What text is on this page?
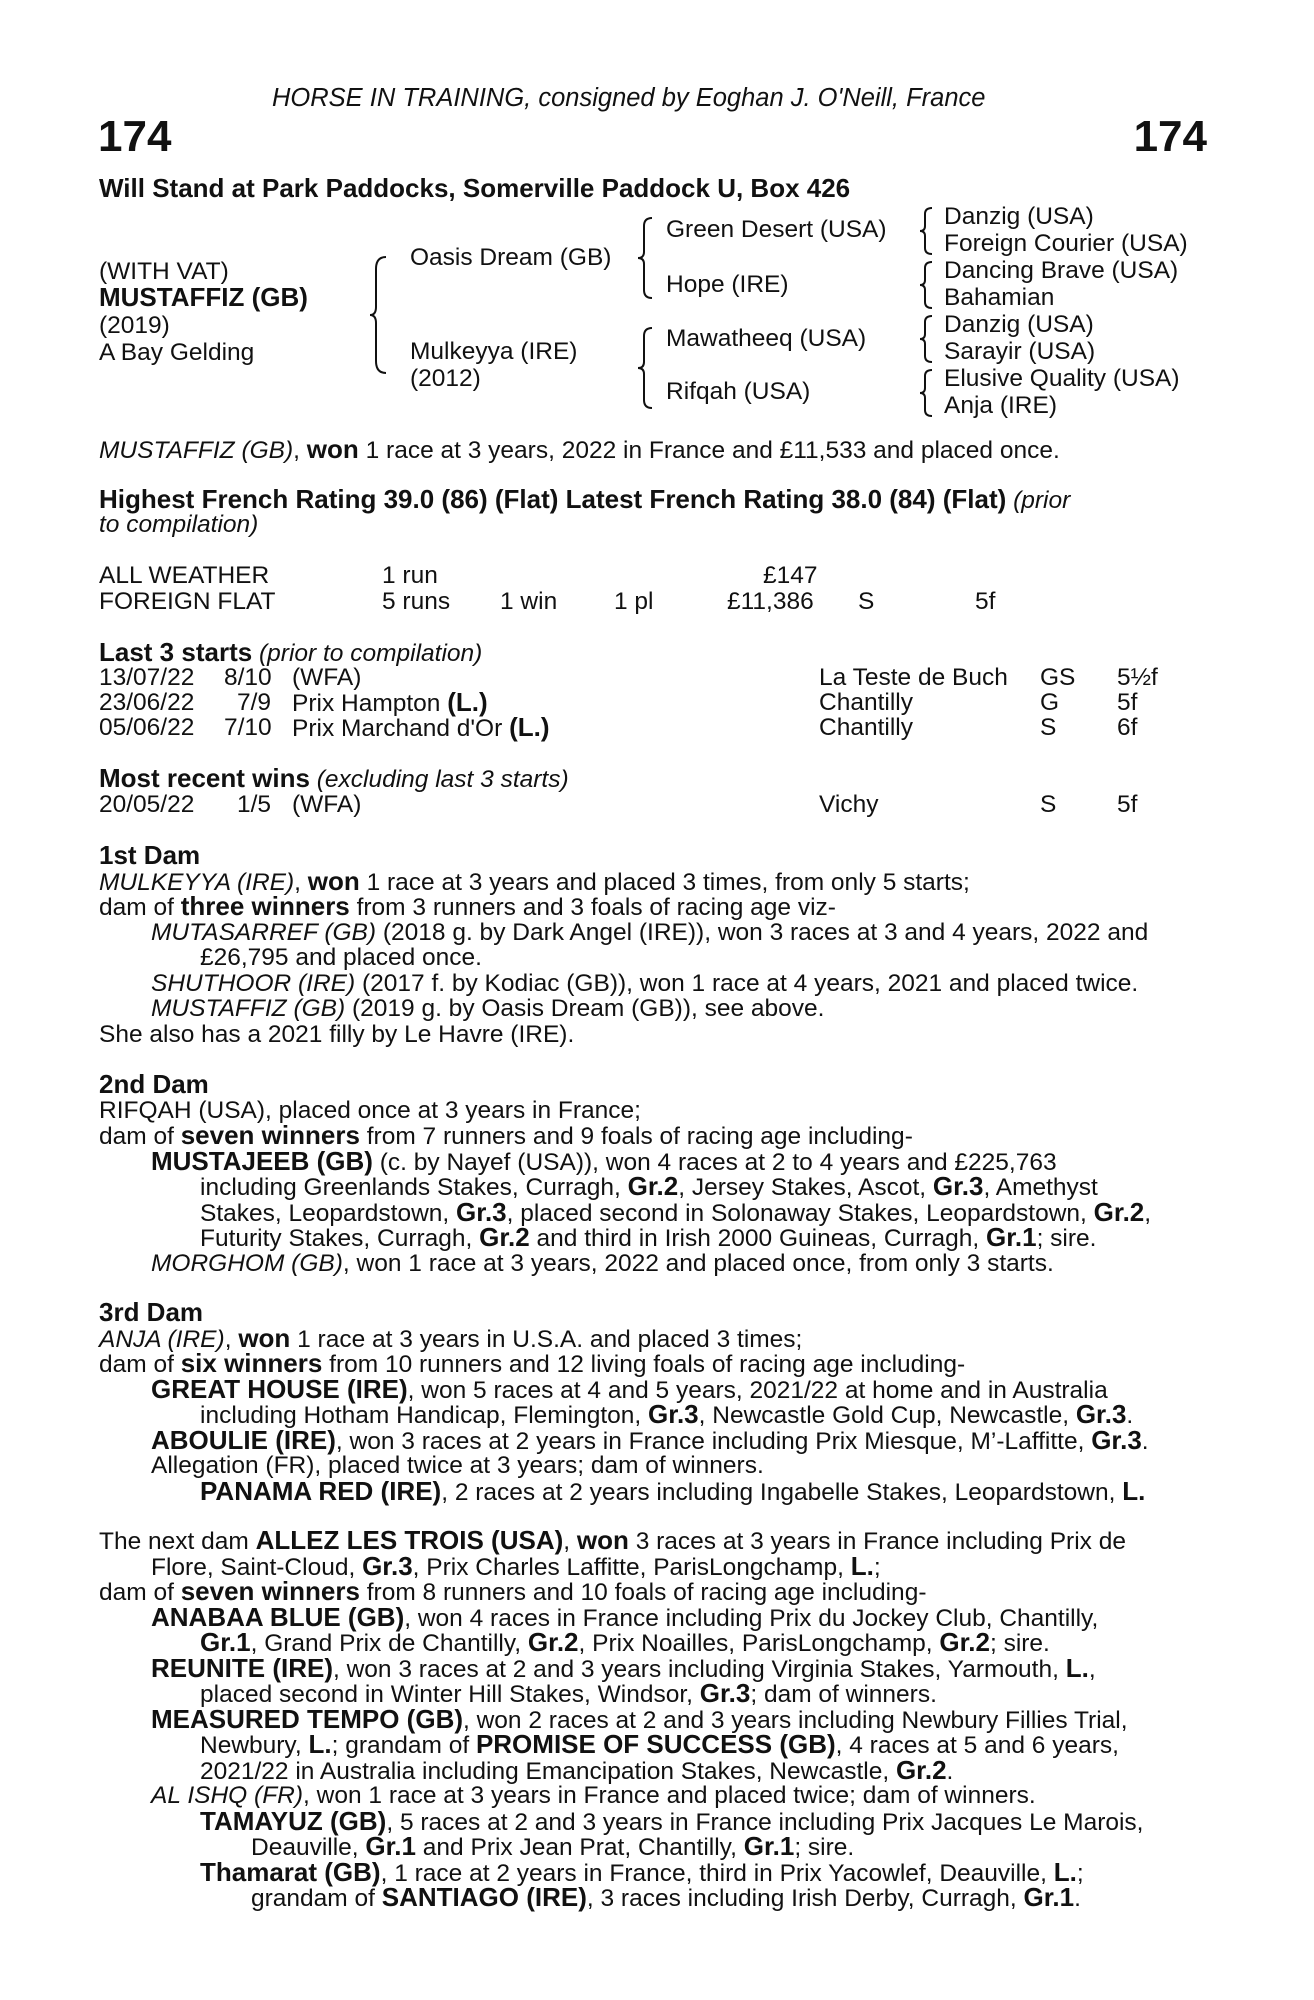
HORSE IN TRAINING, consigned by Eoghan J. O'Neill, France
174	174
Will Stand at Park Paddocks, Somerville Paddock U, Box 426
(WITH VAT)
MUSTAFFIZ (GB)
(2019)
A Bay Gelding
Oasis Dream (GB)
Mulkeyya (IRE)
(2012)
Green Desert (USA)
Hope (IRE)
Mawatheeq (USA)
Rifqah (USA)
Danzig (USA)
Foreign Courier (USA)
Dancing Brave (USA)
Bahamian
Danzig (USA)
Sarayir (USA)
Elusive Quality (USA)
Anja (IRE)
MUSTAFFIZ (GB), won 1 race at 3 years, 2022 in France and £11,533 and placed once.
Highest French Rating 39.0 (86) (Flat) Latest French Rating 38.0 (84) (Flat) (prior
to compilation)
ALL WEATHER	1 run	£147
FOREIGN FLAT	5 runs 1 win 1 pl	£11,386 S	5f
Last 3 starts (prior to compilation)
13/07/22 8/10 (WFA)	La Teste de Buch GS 5½f
23/06/22 7/9 Prix Hampton (L.)	Chantilly	G 5f
05/06/22 7/10 Prix Marchand d'Or (L.)	Chantilly	S 6f
Most recent wins (excluding last 3 starts)
20/05/22 1/5 (WFA)	Vichy	S 5f
1st Dam
MULKEYYA (IRE), won 1 race at 3 years and placed 3 times, from only 5 starts;
dam of three winners from 3 runners and 3 foals of racing age viz-
MUTASARREF (GB) (2018 g. by Dark Angel (IRE)), won 3 races at 3 and 4 years, 2022 and
£26,795 and placed once.
SHUTHOOR (IRE) (2017 f. by Kodiac (GB)), won 1 race at 4 years, 2021 and placed twice.
MUSTAFFIZ (GB) (2019 g. by Oasis Dream (GB)), see above.
She also has a 2021 filly by Le Havre (IRE).
2nd Dam
RIFQAH (USA), placed once at 3 years in France;
dam of seven winners from 7 runners and 9 foals of racing age including-
MUSTAJEEB (GB) (c. by Nayef (USA)), won 4 races at 2 to 4 years and £225,763
including Greenlands Stakes, Curragh, Gr.2, Jersey Stakes, Ascot, Gr.3, Amethyst
Stakes, Leopardstown, Gr.3, placed second in Solonaway Stakes, Leopardstown, Gr.2,
Futurity Stakes, Curragh, Gr.2 and third in Irish 2000 Guineas, Curragh, Gr.1; sire.
MORGHOM (GB), won 1 race at 3 years, 2022 and placed once, from only 3 starts.
3rd Dam
ANJA (IRE), won 1 race at 3 years in U.S.A. and placed 3 times;
dam of six winners from 10 runners and 12 living foals of racing age including-
GREAT HOUSE (IRE), won 5 races at 4 and 5 years, 2021/22 at home and in Australia
including Hotham Handicap, Flemington, Gr.3, Newcastle Gold Cup, Newcastle, Gr.3.
ABOULIE (IRE), won 3 races at 2 years in France including Prix Miesque, M’-Laffitte, Gr.3.
Allegation (FR), placed twice at 3 years; dam of winners.
PANAMA RED (IRE), 2 races at 2 years including Ingabelle Stakes, Leopardstown, L.
The next dam ALLEZ LES TROIS (USA), won 3 races at 3 years in France including Prix de
Flore, Saint-Cloud, Gr.3, Prix Charles Laffitte, ParisLongchamp, L.;
dam of seven winners from 8 runners and 10 foals of racing age including-
ANABAA BLUE (GB), won 4 races in France including Prix du Jockey Club, Chantilly,
Gr.1, Grand Prix de Chantilly, Gr.2, Prix Noailles, ParisLongchamp, Gr.2; sire.
REUNITE (IRE), won 3 races at 2 and 3 years including Virginia Stakes, Yarmouth, L.,
placed second in Winter Hill Stakes, Windsor, Gr.3; dam of winners.
MEASURED TEMPO (GB), won 2 races at 2 and 3 years including Newbury Fillies Trial,
Newbury, L.; grandam of PROMISE OF SUCCESS (GB), 4 races at 5 and 6 years,
2021/22 in Australia including Emancipation Stakes, Newcastle, Gr.2.
AL ISHQ (FR), won 1 race at 3 years in France and placed twice; dam of winners.
TAMAYUZ (GB), 5 races at 2 and 3 years in France including Prix Jacques Le Marois,
Deauville, Gr.1 and Prix Jean Prat, Chantilly, Gr.1; sire.
Thamarat (GB), 1 race at 2 years in France, third in Prix Yacowlef, Deauville, L.;
grandam of SANTIAGO (IRE), 3 races including Irish Derby, Curragh, Gr.1.
